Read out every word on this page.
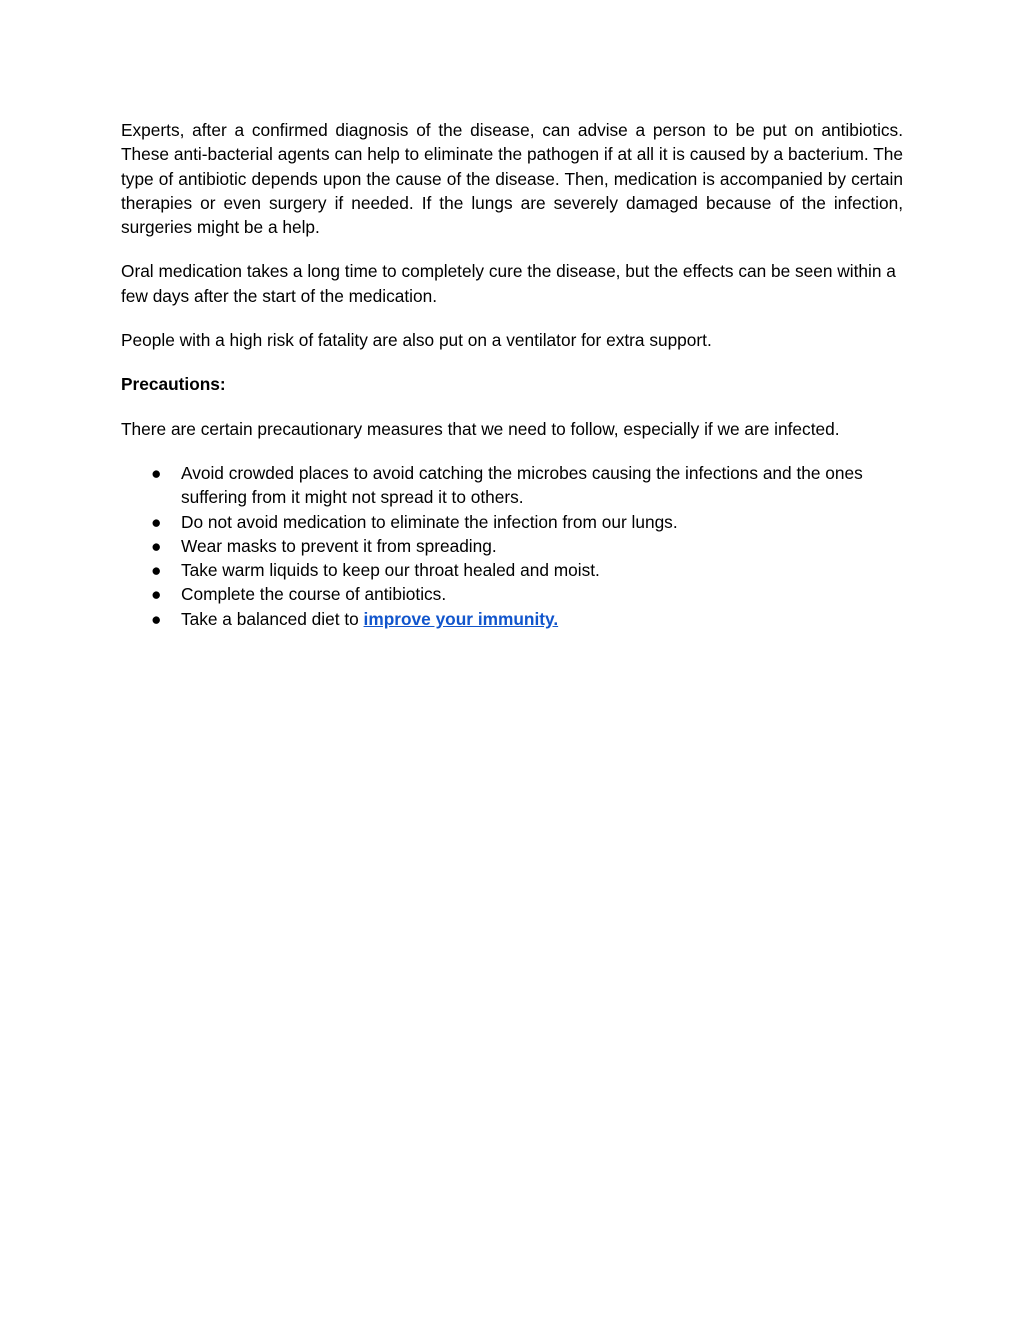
Experts, after a confirmed diagnosis of the disease, can advise a person to be put on antibiotics. These anti-bacterial agents can help to eliminate the pathogen if at all it is caused by a bacterium. The type of antibiotic depends upon the cause of the disease. Then, medication is accompanied by certain therapies or even surgery if needed. If the lungs are severely damaged because of the infection, surgeries might be a help.

Oral medication takes a long time to completely cure the disease, but the effects can be seen within a few days after the start of the medication.

People with a high risk of fatality are also put on a ventilator for extra support.

Precautions:

There are certain precautionary measures that we need to follow, especially if we are infected.

● Avoid crowded places to avoid catching the microbes causing the infections and the ones suffering from it might not spread it to others.
● Do not avoid medication to eliminate the infection from our lungs.
● Wear masks to prevent it from spreading.
● Take warm liquids to keep our throat healed and moist.
● Complete the course of antibiotics.
● Take a balanced diet to improve your immunity.
